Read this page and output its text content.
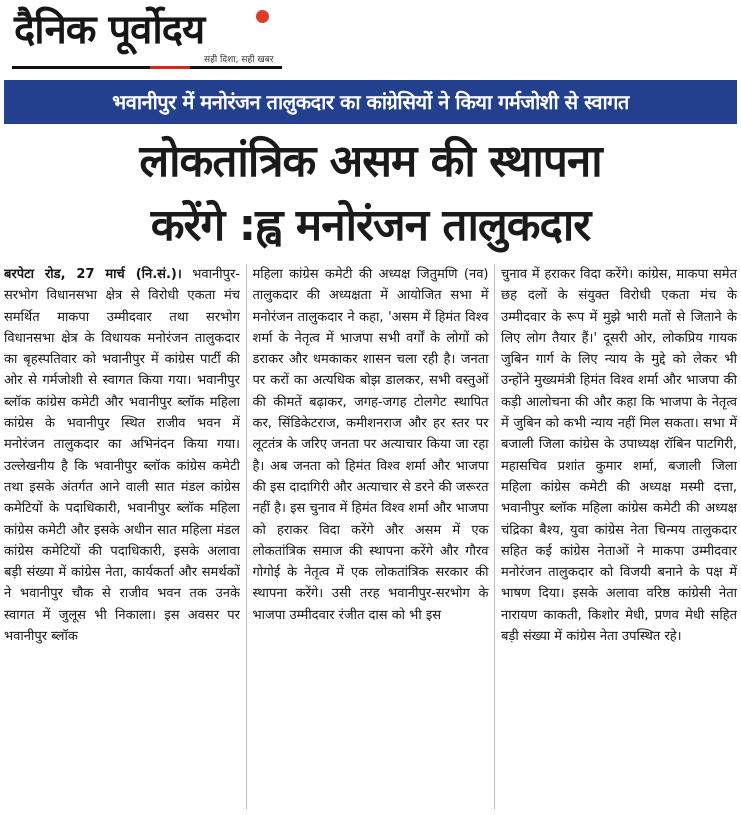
दैनिक पूर्वोदय
सही दिशा, सही खबर
भवानीपुर में मनोरंजन तालुकदार का कांग्रेसियों ने किया गर्मजोशी से स्वागत
लोकतांत्रिक असम की स्थापना
करेंगे :ह्व मनोरंजन तालुकदार

बरपेटा रोड, 27 मार्च (नि.सं.)। भवानीपुर-सरभोग विधानसभा क्षेत्र से विरोधी एकता मंच समर्थित माकपा उम्मीदवार तथा सरभोग विधानसभा क्षेत्र के विधायक मनोरंजन तालुकदार का बृहस्पतिवार को भवानीपुर में कांग्रेस पार्टी की ओर से गर्मजोशी से स्वागत किया गया। भवानीपुर ब्लॉक कांग्रेस कमेटी और भवानीपुर ब्लॉक महिला कांग्रेस के भवानीपुर स्थित राजीव भवन में मनोरंजन तालुकदार का अभिनंदन किया गया। उल्लेखनीय है कि भवानीपुर ब्लॉक कांग्रेस कमेटी तथा इसके अंतर्गत आने वाली सात मंडल कांग्रेस कमेटियों के पदाधिकारी, भवानीपुर ब्लॉक महिला कांग्रेस कमेटी और इसके अधीन सात महिला मंडल कांग्रेस कमेटियों की पदाधिकारी, इसके अलावा बड़ी संख्या में कांग्रेस नेता, कार्यकर्ता और समर्थकों ने भवानीपुर चौक से राजीव भवन तक उनके स्वागत में जुलूस भी निकाला। इस अवसर पर भवानीपुर ब्लॉक

महिला कांग्रेस कमेटी की अध्यक्ष जितुमणि (नव) तालुकदार की अध्यक्षता में आयोजित सभा में मनोरंजन तालुकदार ने कहा, 'असम में हिमंत विश्व शर्मा के नेतृत्व में भाजपा सभी वर्गों के लोगों को डराकर और धमकाकर शासन चला रही है। जनता पर करों का अत्यधिक बोझ डालकर, सभी वस्तुओं की कीमतें बढ़ाकर, जगह-जगह टोलगेट स्थापित कर, सिंडिकेटराज, कमीशनराज और हर स्तर पर लूटतंत्र के जरिए जनता पर अत्याचार किया जा रहा है। अब जनता को हिमंत विश्व शर्मा और भाजपा की इस दादागिरी और अत्याचार से डरने की जरूरत नहीं है। इस चुनाव में हिमंत विश्व शर्मा और भाजपा को हराकर विदा करेंगे और असम में एक लोकतांत्रिक समाज की स्थापना करेंगे और गौरव गोगोई के नेतृत्व में एक लोकतांत्रिक सरकार की स्थापना करेंगे। उसी तरह भवानीपुर-सरभोग के भाजपा उम्मीदवार रंजीत दास को भी इस

चुनाव में हराकर विदा करेंगे। कांग्रेस, माकपा समेत छह दलों के संयुक्त विरोधी एकता मंच के उम्मीदवार के रूप में मुझे भारी मतों से जिताने के लिए लोग तैयार हैं।' दूसरी ओर, लोकप्रिय गायक जुबिन गार्ग के लिए न्याय के मुद्दे को लेकर भी उन्होंने मुख्यमंत्री हिमंत विश्व शर्मा और भाजपा की कड़ी आलोचना की और कहा कि भाजपा के नेतृत्व में जुबिन को कभी न्याय नहीं मिल सकता। सभा में बजाली जिला कांग्रेस के उपाध्यक्ष रॉबिन पाटगिरी, महासचिव प्रशांत कुमार शर्मा, बजाली जिला महिला कांग्रेस कमेटी की अध्यक्ष मस्मी दत्ता, भवानीपुर ब्लॉक महिला कांग्रेस कमेटी की अध्यक्ष चंद्रिका बैश्य, युवा कांग्रेस नेता चिन्मय तालुकदार सहित कई कांग्रेस नेताओं ने माकपा उम्मीदवार मनोरंजन तालुकदार को विजयी बनाने के पक्ष में भाषण दिया। इसके अलावा वरिष्ठ कांग्रेसी नेता नारायण काकती, किशोर मेधी, प्रणव मेधी सहित बड़ी संख्या में कांग्रेस नेता उपस्थित रहे।
